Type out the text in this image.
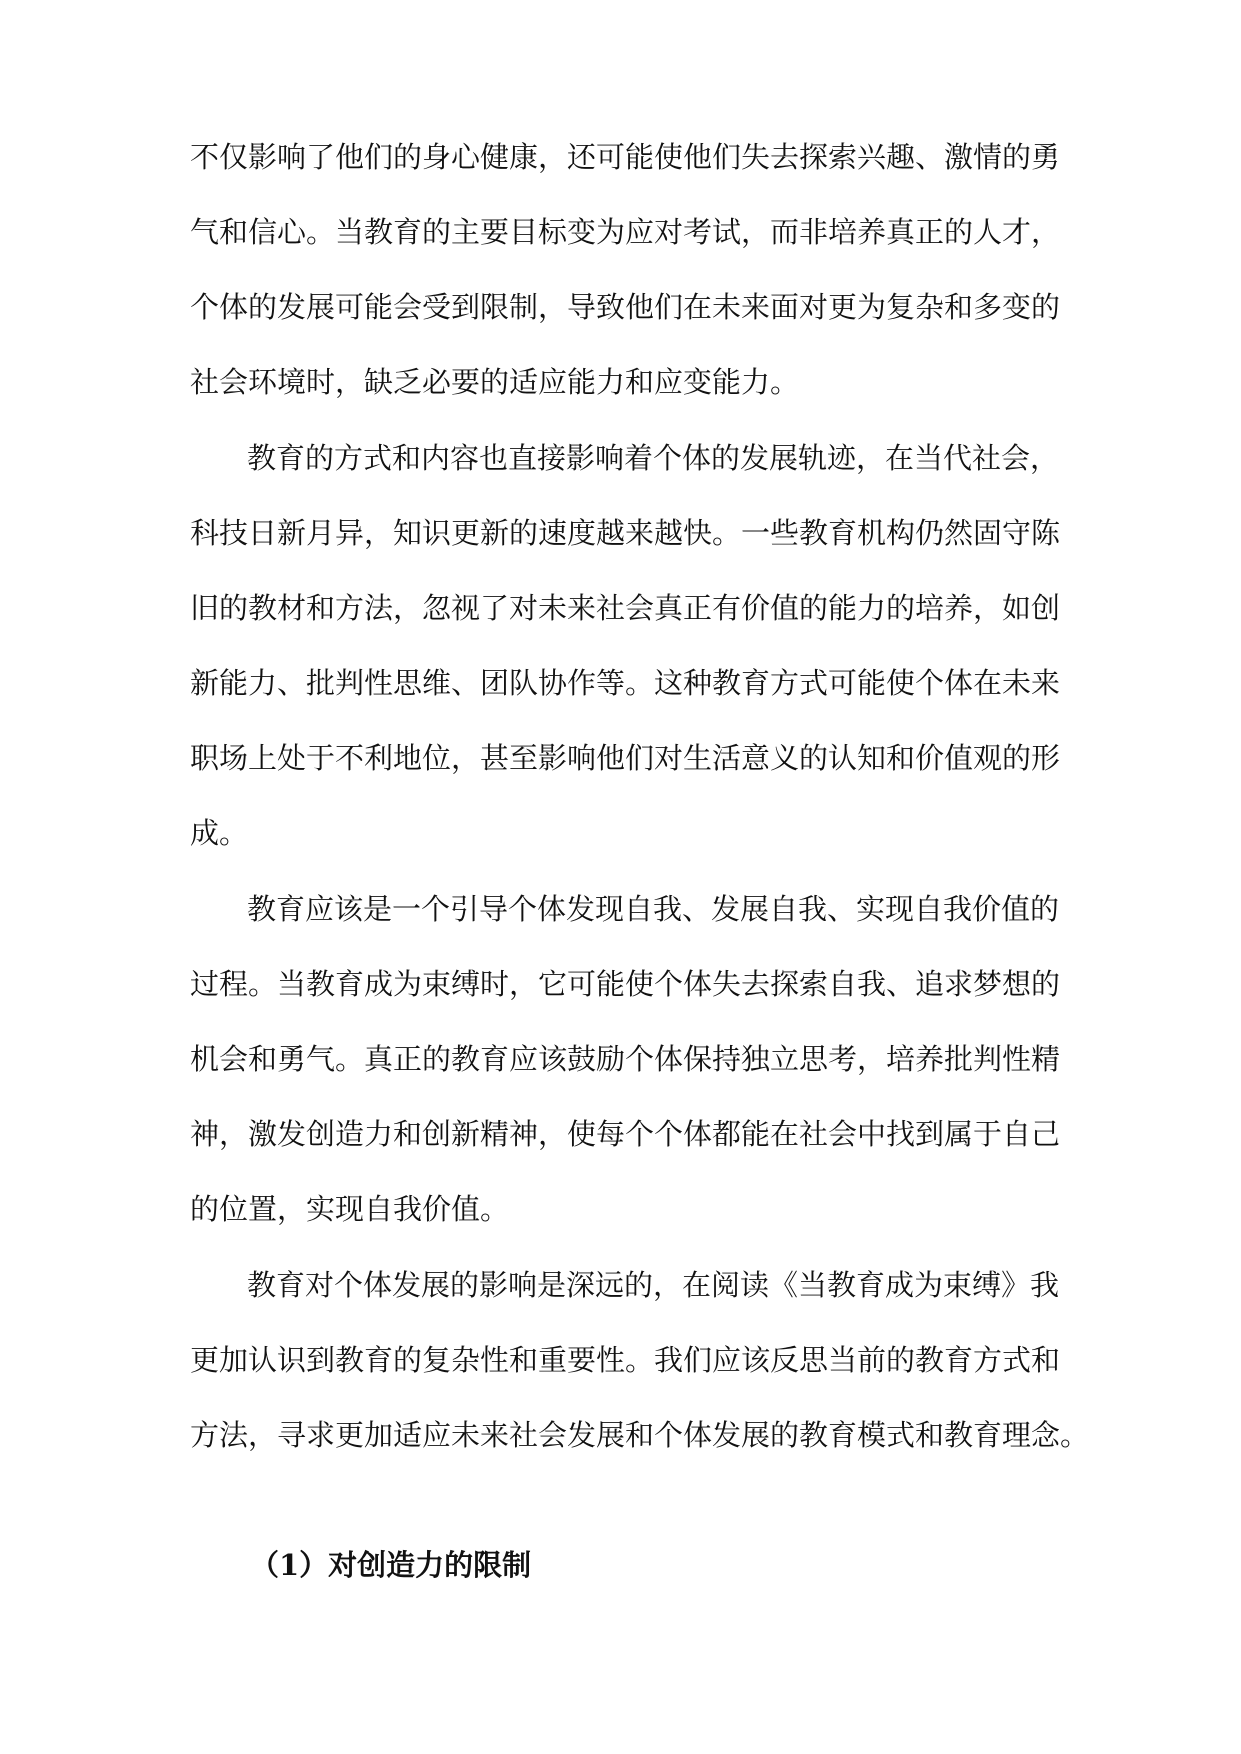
不仅影响了他们的身心健康，还可能使他们失去探索兴趣、激情的勇
气和信心。当教育的主要目标变为应对考试，而非培养真正的人才，
个体的发展可能会受到限制，导致他们在未来面对更为复杂和多变的
社会环境时，缺乏必要的适应能力和应变能力。
教育的方式和内容也直接影响着个体的发展轨迹，在当代社会，
科技日新月异，知识更新的速度越来越快。一些教育机构仍然固守陈
旧的教材和方法，忽视了对未来社会真正有价值的能力的培养，如创
新能力、批判性思维、团队协作等。这种教育方式可能使个体在未来
职场上处于不利地位，甚至影响他们对生活意义的认知和价值观的形
成。
教育应该是一个引导个体发现自我、发展自我、实现自我价值的
过程。当教育成为束缚时，它可能使个体失去探索自我、追求梦想的
机会和勇气。真正的教育应该鼓励个体保持独立思考，培养批判性精
神，激发创造力和创新精神，使每个个体都能在社会中找到属于自己
的位置，实现自我价值。
教育对个体发展的影响是深远的，在阅读《当教育成为束缚》我
更加认识到教育的复杂性和重要性。我们应该反思当前的教育方式和
方法，寻求更加适应未来社会发展和个体发展的教育模式和教育理念。
（1）对创造力的限制
